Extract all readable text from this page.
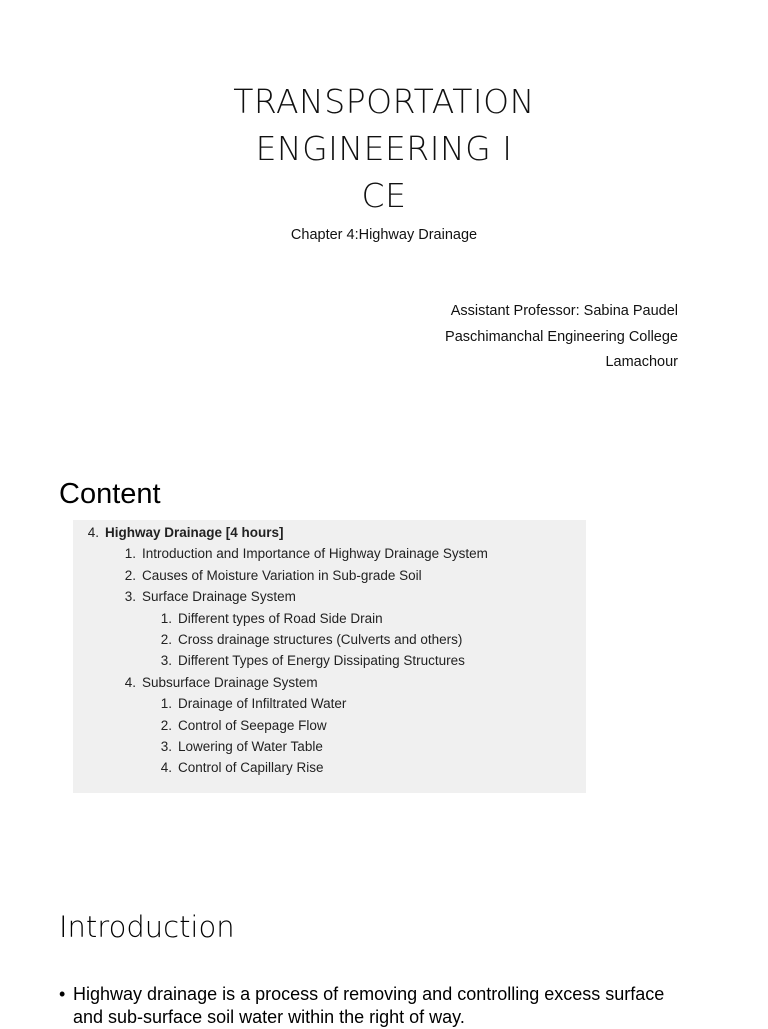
TRANSPORTATION
ENGINEERING I
CE
Chapter 4:Highway Drainage
Assistant Professor: Sabina Paudel
Paschimanchal Engineering College
Lamachour
Content
4. Highway Drainage [4 hours]
1. Introduction and Importance of Highway Drainage System
2. Causes of Moisture Variation in Sub-grade Soil
3. Surface Drainage System
1. Different types of Road Side Drain
2. Cross drainage structures (Culverts and others)
3. Different Types of Energy Dissipating Structures
4. Subsurface Drainage System
1. Drainage of Infiltrated Water
2. Control of Seepage Flow
3. Lowering of Water Table
4. Control of Capillary Rise
Introduction
• Highway drainage is a process of removing and controlling excess surface and sub-surface soil water within the right of way.
